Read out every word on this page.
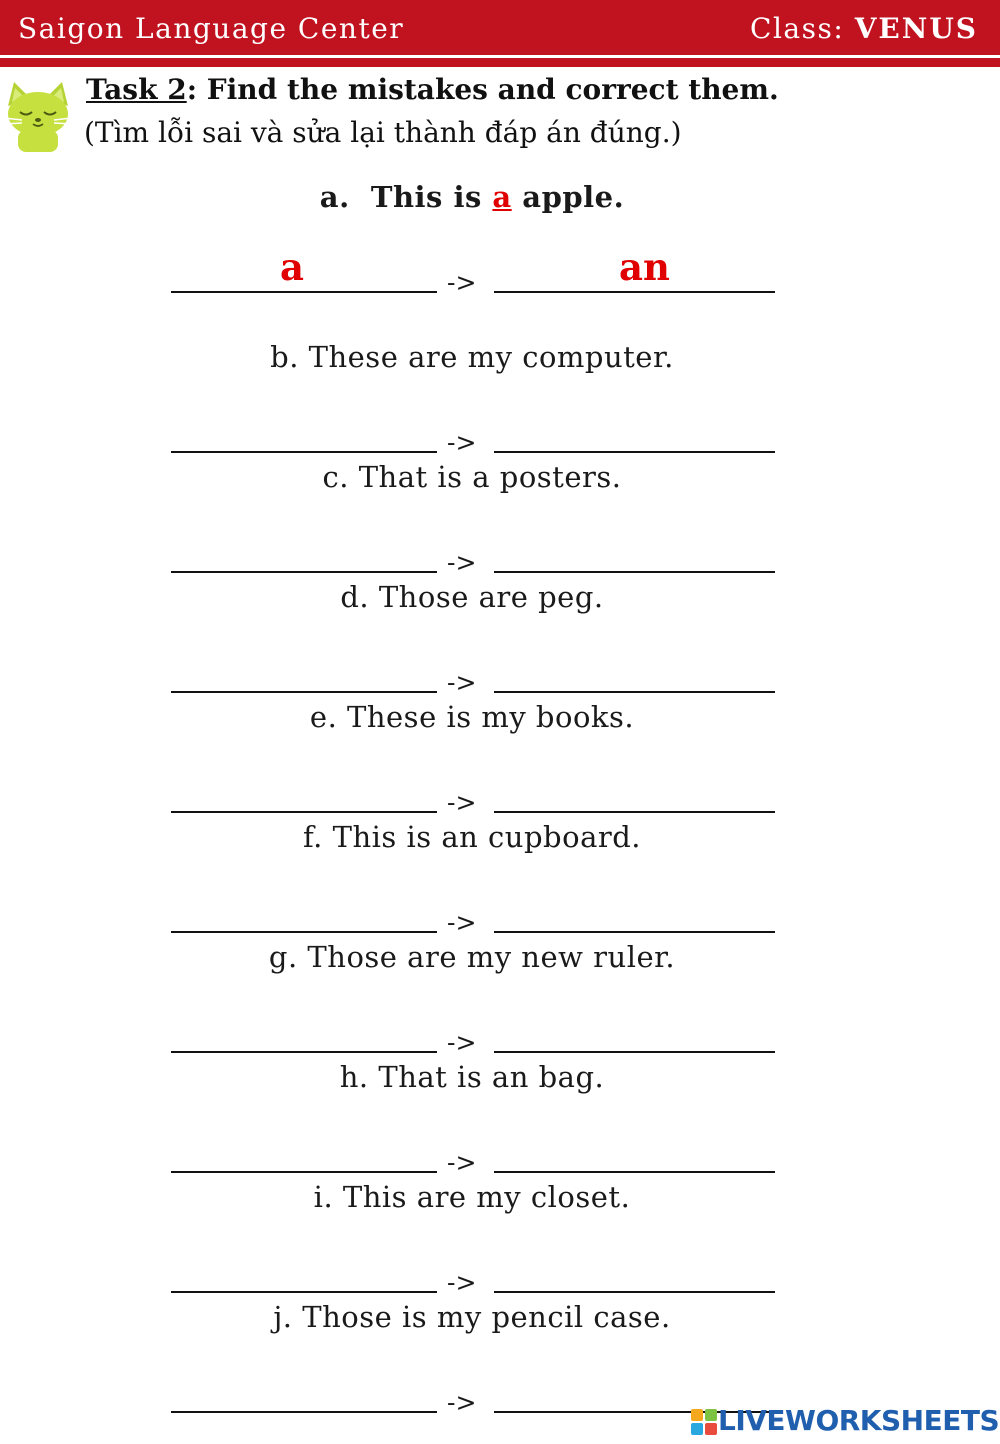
Saigon Language Center	Class: VENUS
Task 2: Find the mistakes and correct them.
(Tìm lỗi sai và sửa lại thành đáp án đúng.)
a.  This is a apple.
a	->	an
b. These are my computer.
->
c. That is a posters.
->
d. Those are peg.
->
e. These is my books.
->
f. This is an cupboard.
->
g. Those are my new ruler.
->
h. That is an bag.
->
i. This are my closet.
->
j. Those is my pencil case.
->
LIVEWORKSHEETS
